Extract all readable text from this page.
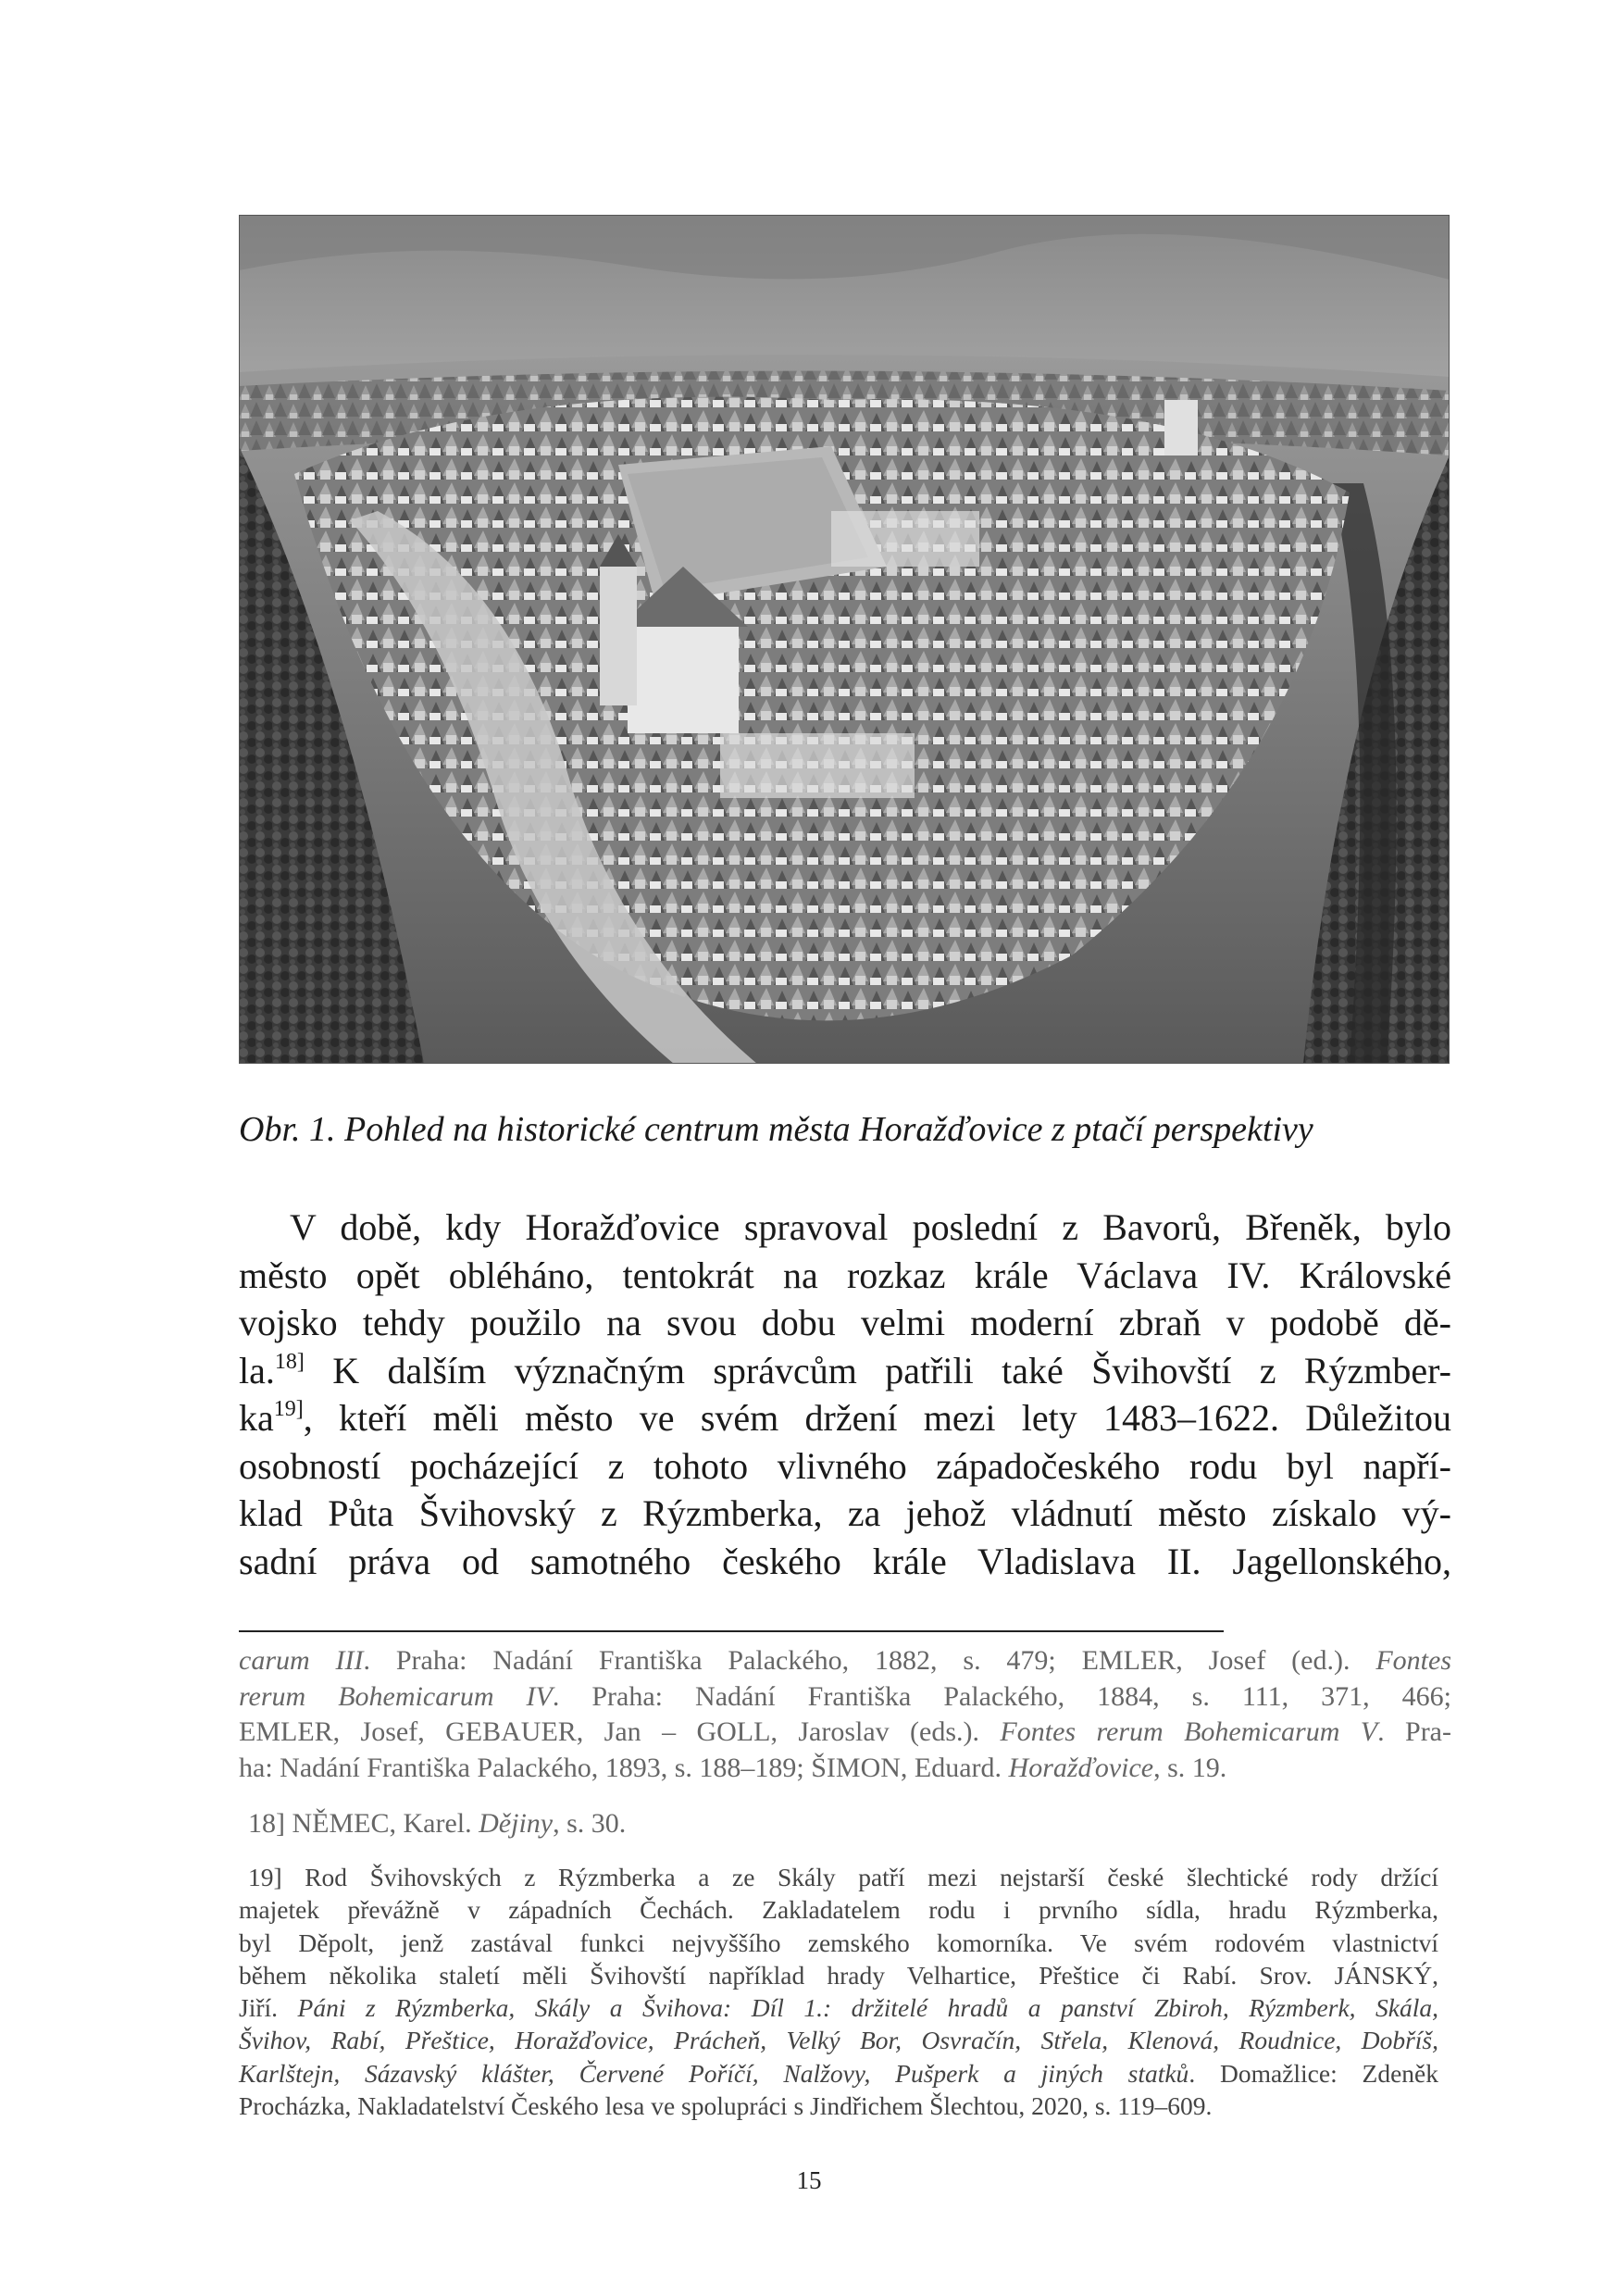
Obr. 1. Pohled na historické centrum města Horažďovice z ptačí perspektivy
V době, kdy Horažďovice spravoval poslední z Bavorů, Břeněk, bylo
město opět obléháno, tentokrát na rozkaz krále Václava IV. Královské
vojsko tehdy použilo na svou dobu velmi moderní zbraň v podobě dě-
la.$^{18]}$ K dalším význačným správcům patřili také Švihovští z Rýzmber-
$ka^{19]}$, kteří měli město ve svém držení mezi lety 1483–1622. Důležitou
osobností pocházející z tohoto vlivného západočeského rodu byl napří-
klad Půta Švihovský z Rýzmberka, za jehož vládnutí město získalo vý-
sadní práva od samotného českého krále Vladislava II. Jagellonského,
carum III. Praha: Nadání Františka Palackého, 1882, s. 479; EMLER, Josef (ed.). Fontes
rerum Bohemicarum IV. Praha: Nadání Františka Palackého, 1884, s. 111, 371, 466;
EMLER, Josef, GEBAUER, Jan – GOLL, Jaroslav (eds.). Fontes rerum Bohemicarum V. Pra-
ha: Nadání Františka Palackého, 1893, s. 188–189; ŠIMON, Eduard. Horažďovice, s. 19.
18] NĚMEC, Karel. Dějiny, s. 30.
19] Rod Švihovských z Rýzmberka a ze Skály patří mezi nejstarší české šlechtické rody držící
majetek převážně v západních Čechách. Zakladatelem rodu i prvního sídla, hradu Rýzmberka,
byl Děpolt, jenž zastával funkci nejvyššího zemského komorníka. Ve svém rodovém vlastnictví
během několika staletí měli Švihovští například hrady Velhartice, Přeštice či Rabí. Srov. JÁNSKÝ,
Jiří. Páni z Rýzmberka, Skály a Švihova: Díl 1.: držitelé hradů a panství Zbiroh, Rýzmberk, Skála,
Švihov, Rabí, Přeštice, Horažďovice, Prácheň, Velký Bor, Osvračín, Střela, Klenová, Roudnice, Dobříš,
Karlštejn, Sázavský klášter, Červené Poříčí, Nalžovy, Pušperk a jiných statků. Domažlice: Zdeněk
Procházka, Nakladatelství Českého lesa ve spolupráci s Jindřichem Šlechtou, 2020, s. 119–609.
15
